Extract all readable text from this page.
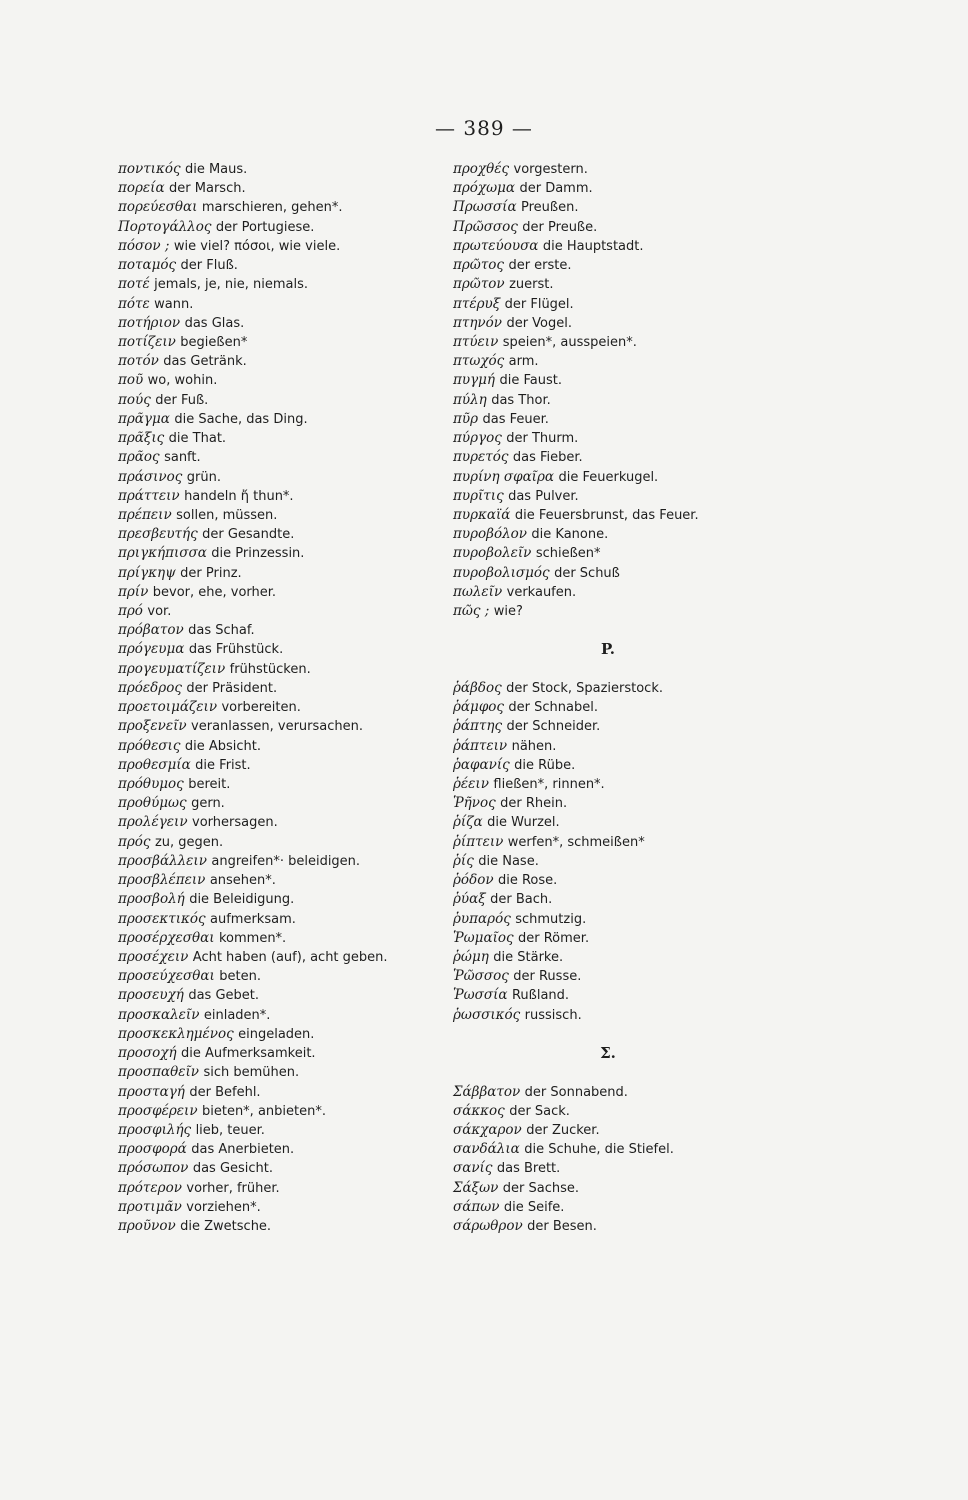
— 389 —
ποντικός die Maus.
πορεία der Marsch.
πορεύεσθαι marschieren, gehen*.
Πορτογάλλος der Portugiese.
πόσον ; wie viel? πόσοι, wie viele.
ποταμός der Fluß.
ποτέ jemals, je, nie, niemals.
πότε wann.
ποτήριον das Glas.
ποτίζειν begießen*
ποτόν das Getränk.
ποῦ wo, wohin.
πούς der Fuß.
πρᾶγμα die Sache, das Ding.
πρᾶξις die That.
πρᾶος sanft.
πράσινος grün.
πράττειν handeln ἤ thun*.
πρέπειν sollen, müssen.
πρεσβευτής der Gesandte.
πριγκήπισσα die Prinzessin.
πρίγκηψ der Prinz.
πρίν bevor, ehe, vorher.
πρό vor.
πρόβατον das Schaf.
πρόγευμα das Frühstück.
προγευματίζειν frühstücken.
πρόεδρος der Präsident.
προετοιμάζειν vorbereiten.
προξενεῖν veranlassen, verursachen.
πρόθεσις die Absicht.
προθεσμία die Frist.
πρόθυμος bereit.
προθύμως gern.
προλέγειν vorhersagen.
πρός zu, gegen.
προσβάλλειν angreifen*· beleidigen.
προσβλέπειν ansehen*.
προσβολή die Beleidigung.
προσεκτικός aufmerksam.
προσέρχεσθαι kommen*.
προσέχειν Acht haben (auf), acht geben.
προσεύχεσθαι beten.
προσευχή das Gebet.
προσκαλεῖν einladen*.
προσκεκλημένος eingeladen.
προσοχή die Aufmerksamkeit.
προσπαθεῖν sich bemühen.
προσταγή der Befehl.
προσφέρειν bieten*, anbieten*.
προσφιλής lieb, teuer.
προσφορά das Anerbieten.
πρόσωπον das Gesicht.
πρότερον vorher, früher.
προτιμᾶν vorziehen*.
προῦνον die Zwetsche.
προχθές vorgestern.
πρόχωμα der Damm.
Πρωσσία Preußen.
Πρῶσσος der Preuße.
πρωτεύουσα die Hauptstadt.
πρῶτος der erste.
πρῶτον zuerst.
πτέρυξ der Flügel.
πτηνόν der Vogel.
πτύειν speien*, ausspeien*.
πτωχός arm.
πυγμή die Faust.
πύλη das Thor.
πῦρ das Feuer.
πύργος der Thurm.
πυρετός das Fieber.
πυρίνη σφαῖρα die Feuerkugel.
πυρῖτις das Pulver.
πυρκαϊά die Feuersbrunst, das Feuer.
πυροβόλον die Kanone.
πυροβολεῖν schießen*
πυροβολισμός der Schuß
πωλεῖν verkaufen.
πῶς ; wie?
P.
ῥάβδος der Stock, Spazierstock.
ῥάμφος der Schnabel.
ῥάπτης der Schneider.
ῥάπτειν nähen.
ῥαφανίς die Rübe.
ῥέειν fließen*, rinnen*.
Ῥῆνος der Rhein.
ῥίζα die Wurzel.
ῥίπτειν werfen*, schmeißen*
ῥίς die Nase.
ῥόδον die Rose.
ῥύαξ der Bach.
ῥυπαρός schmutzig.
Ῥωμαῖος der Römer.
ῥώμη die Stärke.
Ῥῶσσος der Russe.
Ῥωσσία Rußland.
ῥωσσικός russisch.
Σ.
Σάββατον der Sonnabend.
σάκκος der Sack.
σάκχαρον der Zucker.
σανδάλια die Schuhe, die Stiefel.
σανίς das Brett.
Σάξων der Sachse.
σάπων die Seife.
σάρωθρον der Besen.
